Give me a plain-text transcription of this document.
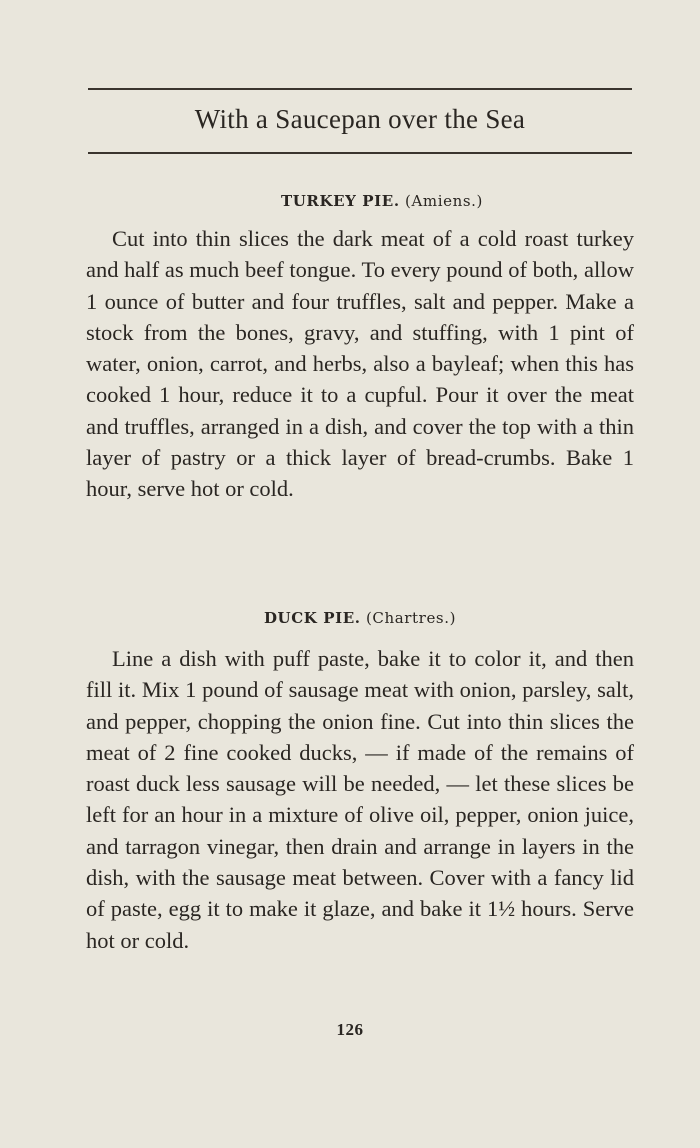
With a Saucepan over the Sea
TURKEY PIE. (Amiens.)

Cut into thin slices the dark meat of a cold roast turkey and half as much beef tongue. To every pound of both, allow 1 ounce of butter and four truffles, salt and pepper. Make a stock from the bones, gravy, and stuffing, with 1 pint of water, onion, carrot, and herbs, also a bayleaf; when this has cooked 1 hour, reduce it to a cupful. Pour it over the meat and truffles, arranged in a dish, and cover the top with a thin layer of pastry or a thick layer of bread-crumbs. Bake 1 hour, serve hot or cold.

DUCK PIE. (Chartres.)

Line a dish with puff paste, bake it to color it, and then fill it. Mix 1 pound of sausage meat with onion, parsley, salt, and pepper, chopping the onion fine. Cut into thin slices the meat of 2 fine cooked ducks, — if made of the remains of roast duck less sausage will be needed, — let these slices be left for an hour in a mixture of olive oil, pepper, onion juice, and tarragon vinegar, then drain and arrange in layers in the dish, with the sausage meat between. Cover with a fancy lid of paste, egg it to make it glaze, and bake it 1½ hours. Serve hot or cold.

126
